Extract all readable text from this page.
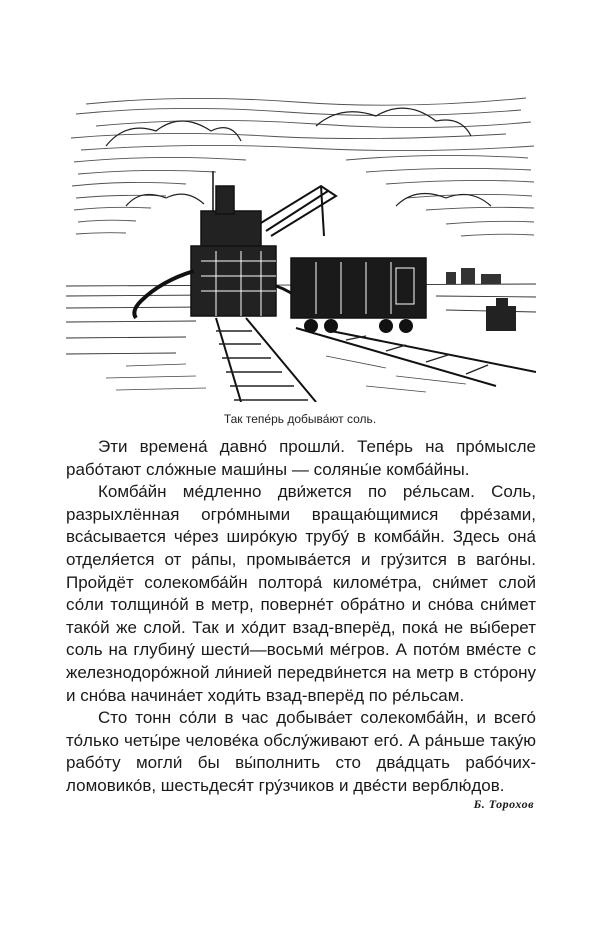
Так тепе́рь добыва́ют соль.

Эти времена́ давно́ прошли́. Тепе́рь на про́мысле рабо́тают сло́жные маши́ны — соляны́е комба́йны.

Комба́йн ме́дленно дви́жется по ре́льсам. Соль, разрыхлённая огро́мными вращаю́щимися фре́зами, вса́сывается че́рез широ́кую трубу́ в комба́йн. Здесь она́ отделя́ется от ра́пы, промыва́ется и гру́зится в ваго́ны. Пройдёт солекомба́йн полтора́ киломе́тра, сни́мет слой со́ли толщино́й в метр, поверне́т обра́тно и сно́ва сни́мет тако́й же слой. Так и хо́дит взад-вперёд, пока́ не вы́берет соль на глубину́ шести́—восьми́ ме́гров. А пото́м вме́сте с железнодоро́жной ли́нией передви́нется на метр в сто́рону и сно́ва начина́ет ходи́ть взад-вперёд по ре́льсам.

Сто тонн со́ли в час добыва́ет солекомба́йн, и всего́ то́лько четы́ре челове́ка обслу́живают его́. А ра́ньше таку́ю рабо́ту могли́ бы вы́полнить сто два́дцать рабо́чих-ломовико́в, шестьдеся́т гру́зчиков и две́сти верблю́дов.

Б. Торохов
